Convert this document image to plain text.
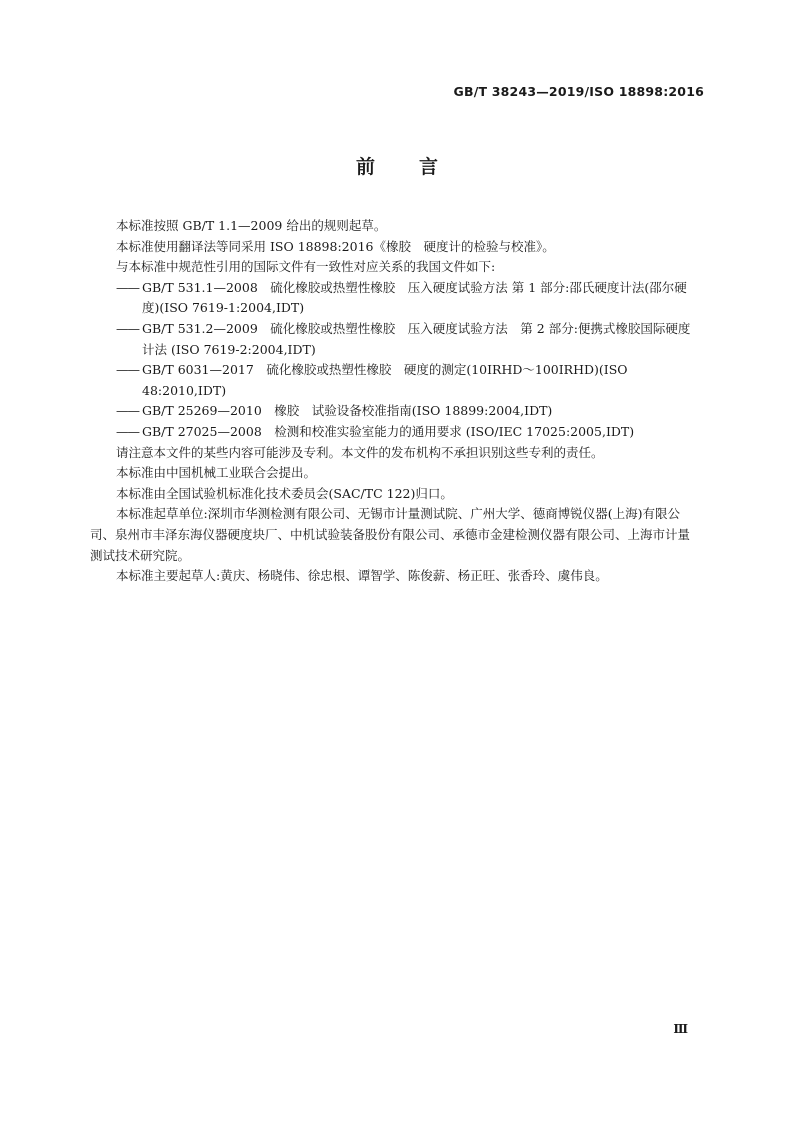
GB/T 38243—2019/ISO 18898:2016
前言

本标准按照 GB/T 1.1—2009 给出的规则起草。

本标准使用翻译法等同采用 ISO 18898:2016《橡胶　硬度计的检验与校准》。

与本标准中规范性引用的国际文件有一致性对应关系的我国文件如下:

—— GB/T 531.1—2008　硫化橡胶或热塑性橡胶　压入硬度试验方法 第 1 部分:邵氏硬度计法(邵尔硬度)(ISO 7619-1:2004,IDT)

—— GB/T 531.2—2009　硫化橡胶或热塑性橡胶　压入硬度试验方法　第 2 部分:便携式橡胶国际硬度计法 (ISO 7619-2:2004,IDT)

—— GB/T 6031—2017　硫化橡胶或热塑性橡胶　硬度的测定(10IRHD～100IRHD)(ISO 48:2010,IDT)

—— GB/T 25269—2010　橡胶　试验设备校准指南(ISO 18899:2004,IDT)

—— GB/T 27025—2008　检测和校准实验室能力的通用要求 (ISO/IEC 17025:2005,IDT)

请注意本文件的某些内容可能涉及专利。本文件的发布机构不承担识别这些专利的责任。

本标准由中国机械工业联合会提出。

本标准由全国试验机标准化技术委员会(SAC/TC 122)归口。

本标准起草单位:深圳市华测检测有限公司、无锡市计量测试院、广州大学、德商博锐仪器(上海)有限公司、泉州市丰泽东海仪器硬度块厂、中机试验装备股份有限公司、承德市金建检测仪器有限公司、上海市计量测试技术研究院。

本标准主要起草人:黄庆、杨晓伟、徐忠根、谭智学、陈俊薪、杨正旺、张香玲、虞伟良。

Ⅲ
